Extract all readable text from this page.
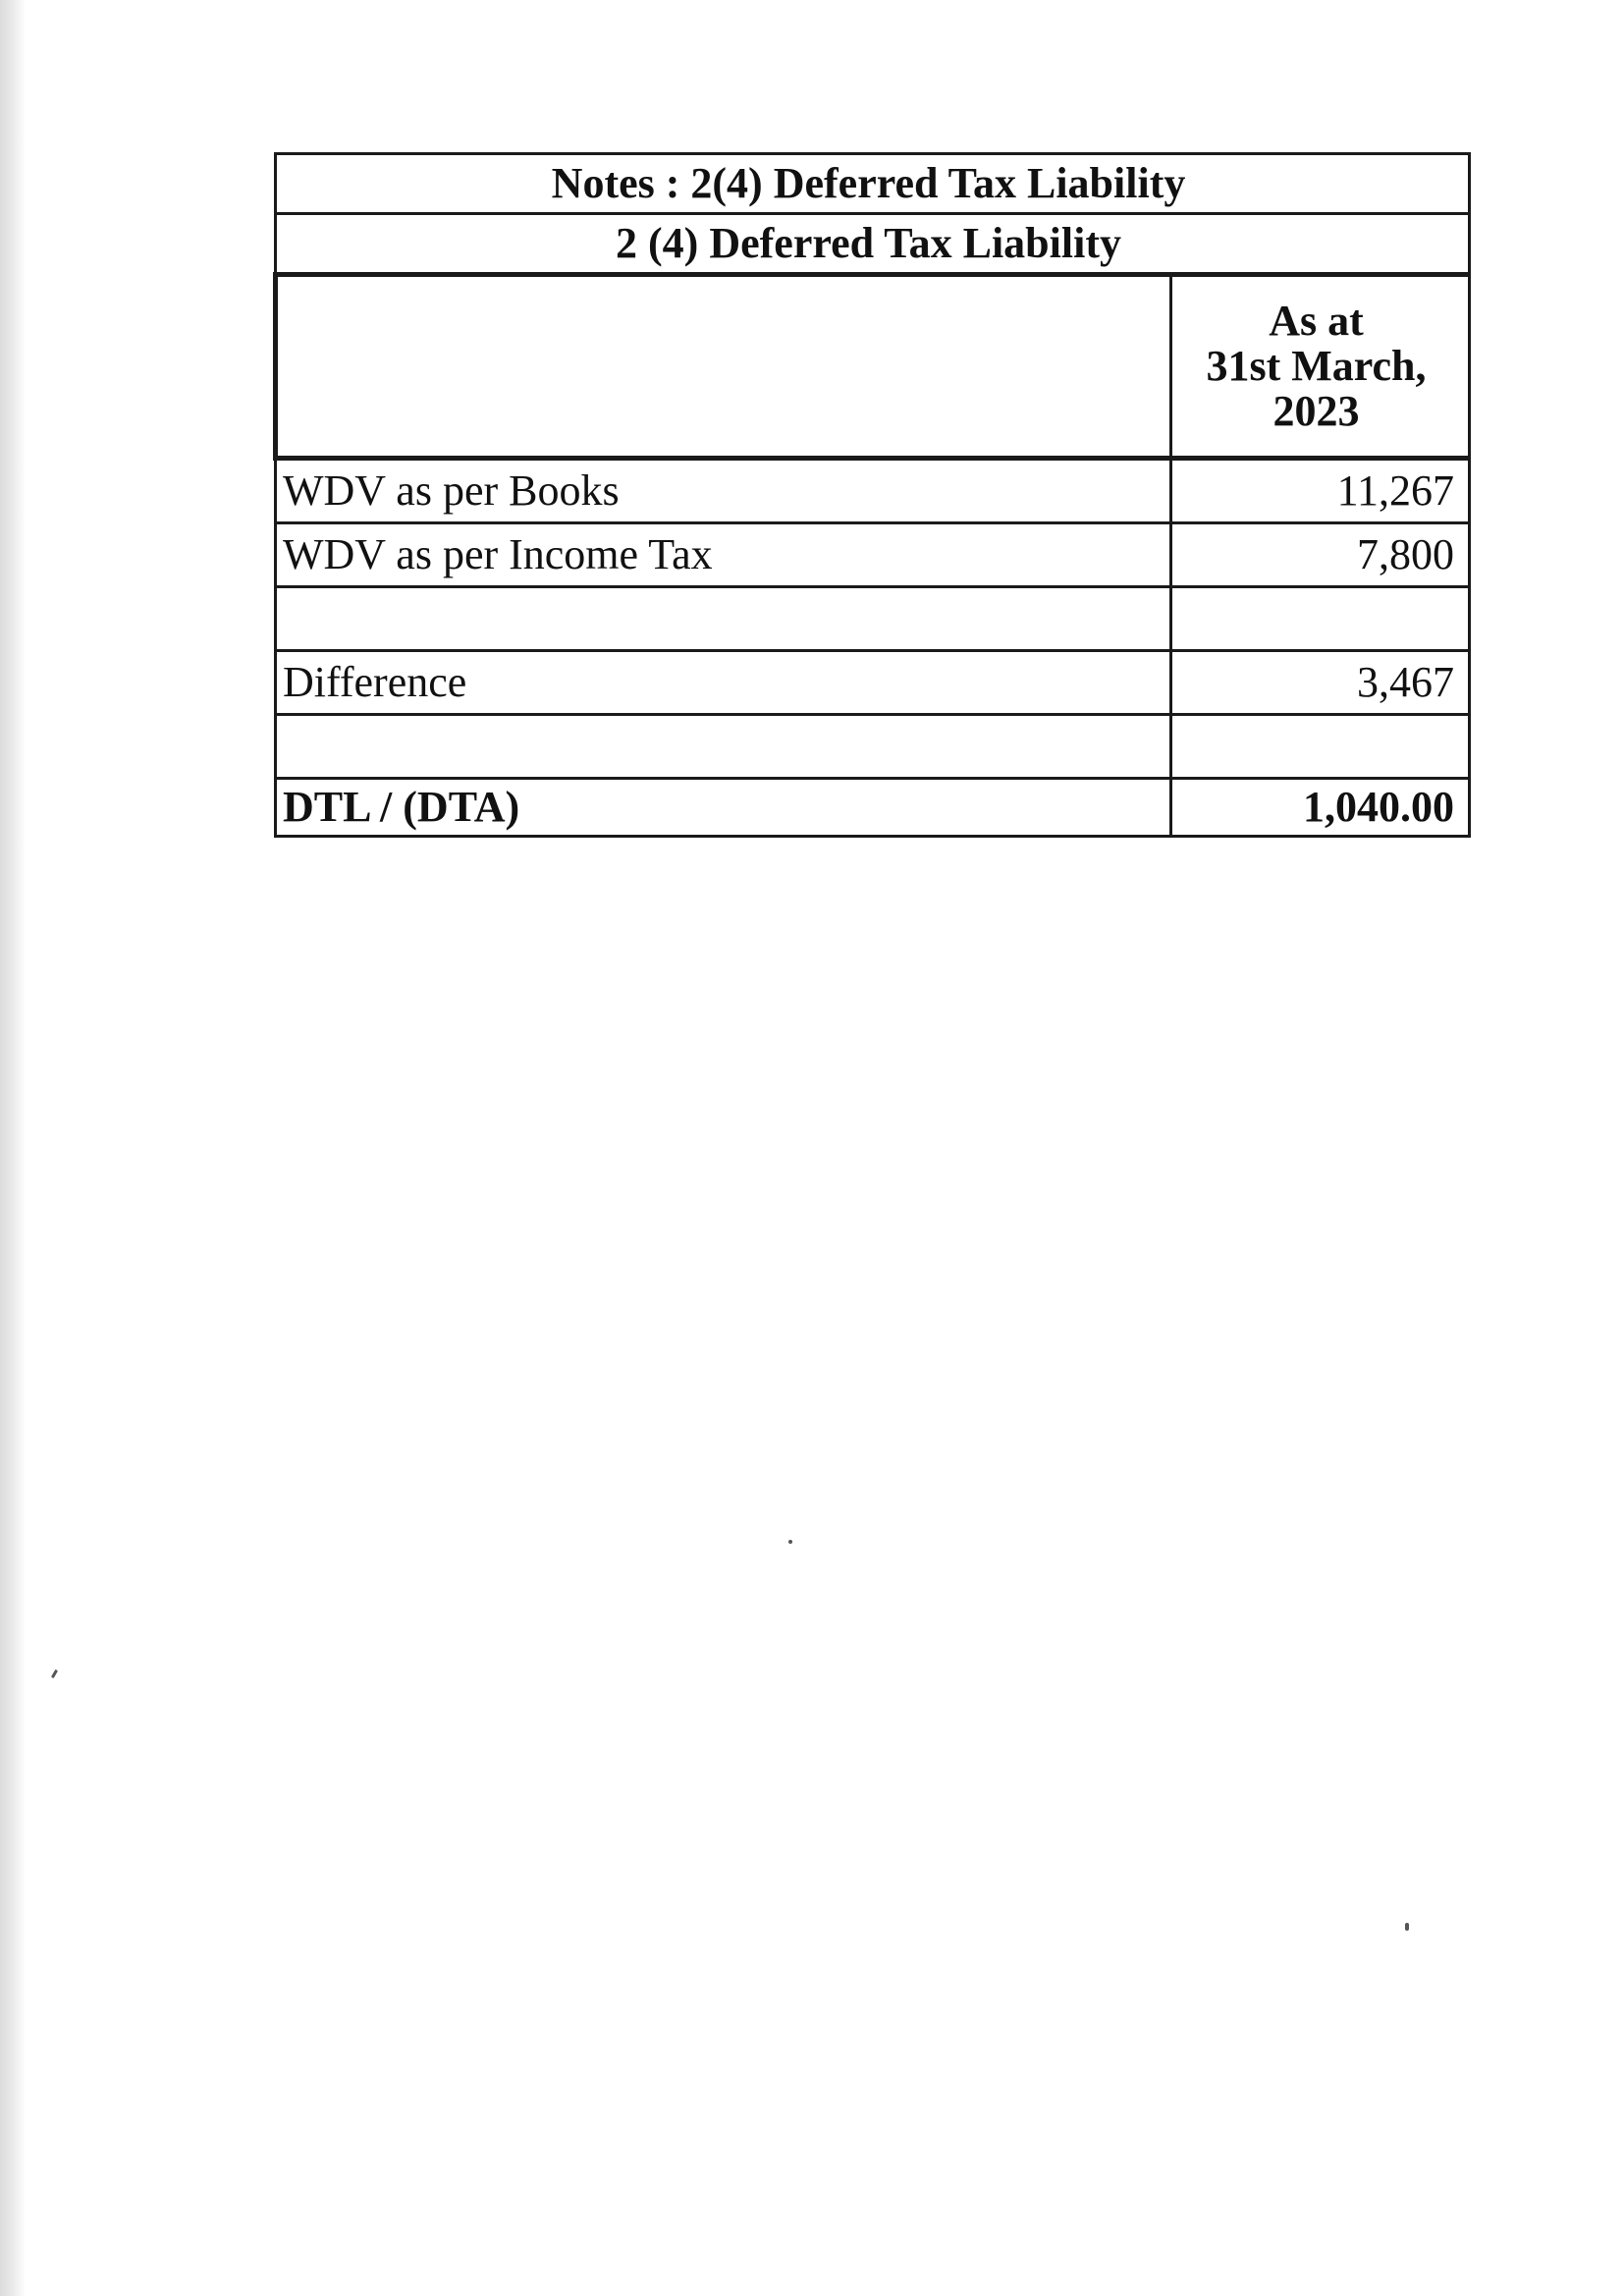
Notes : 2(4) Deferred Tax Liability	
2 (4) Deferred Tax Liability	

	As at
31st March,
2023

WDV as per Books	11,267
WDV as per Income Tax	7,800

Difference	3,467

DTL / (DTA)	1,040.00
